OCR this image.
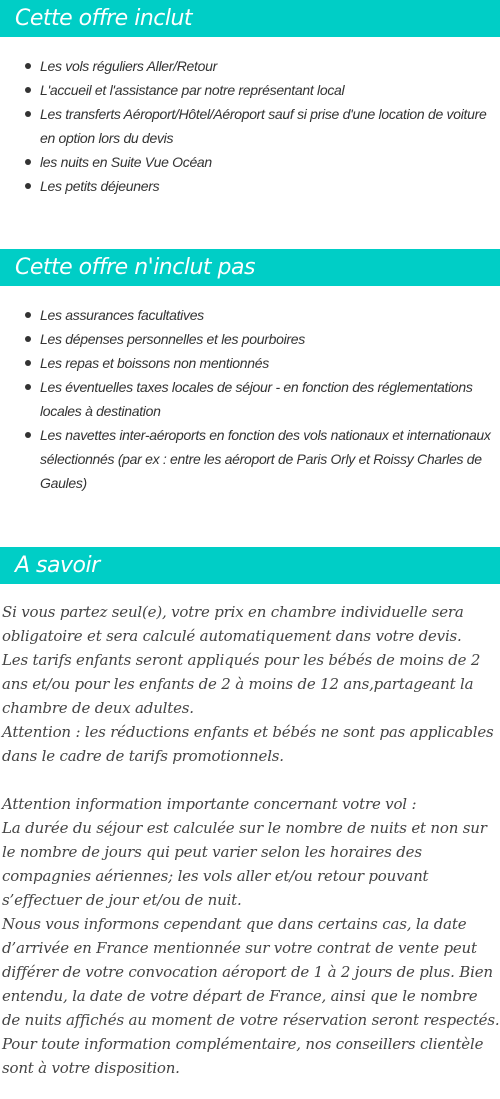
Cette offre inclut
Les vols réguliers Aller/Retour
L'accueil et l'assistance par notre représentant local
Les transferts Aéroport/Hôtel/Aéroport sauf si prise d'une location de voiture en option lors du devis
les nuits en Suite Vue Océan
Les petits déjeuners
Cette offre n'inclut pas
Les assurances facultatives
Les dépenses personnelles et les pourboires
Les repas et boissons non mentionnés
Les éventuelles taxes locales de séjour - en fonction des réglementations locales à destination
Les navettes inter-aéroports en fonction des vols nationaux et internationaux sélectionnés (par ex : entre les aéroport de Paris Orly et Roissy Charles de Gaules)
A savoir

Si vous partez seul(e), votre prix en chambre individuelle sera obligatoire et sera calculé automatiquement dans votre devis.

Les tarifs enfants seront appliqués pour les bébés de moins de 2 ans et/ou pour les enfants de 2 à moins de 12 ans,partageant la chambre de deux adultes.

Attention : les réductions enfants et bébés ne sont pas applicables dans le cadre de tarifs promotionnels.

Attention information importante concernant votre vol :

La durée du séjour est calculée sur le nombre de nuits et non sur le nombre de jours qui peut varier selon les horaires des compagnies aériennes; les vols aller et/ou retour pouvant s’effectuer de jour et/ou de nuit.

Nous vous informons cependant que dans certains cas, la date d’arrivée en France mentionnée sur votre contrat de vente peut différer de votre convocation aéroport de 1 à 2 jours de plus. Bien entendu, la date de votre départ de France, ainsi que le nombre de nuits affichés au moment de votre réservation seront respectés.

Pour toute information complémentaire, nos conseillers clientèle sont à votre disposition.
